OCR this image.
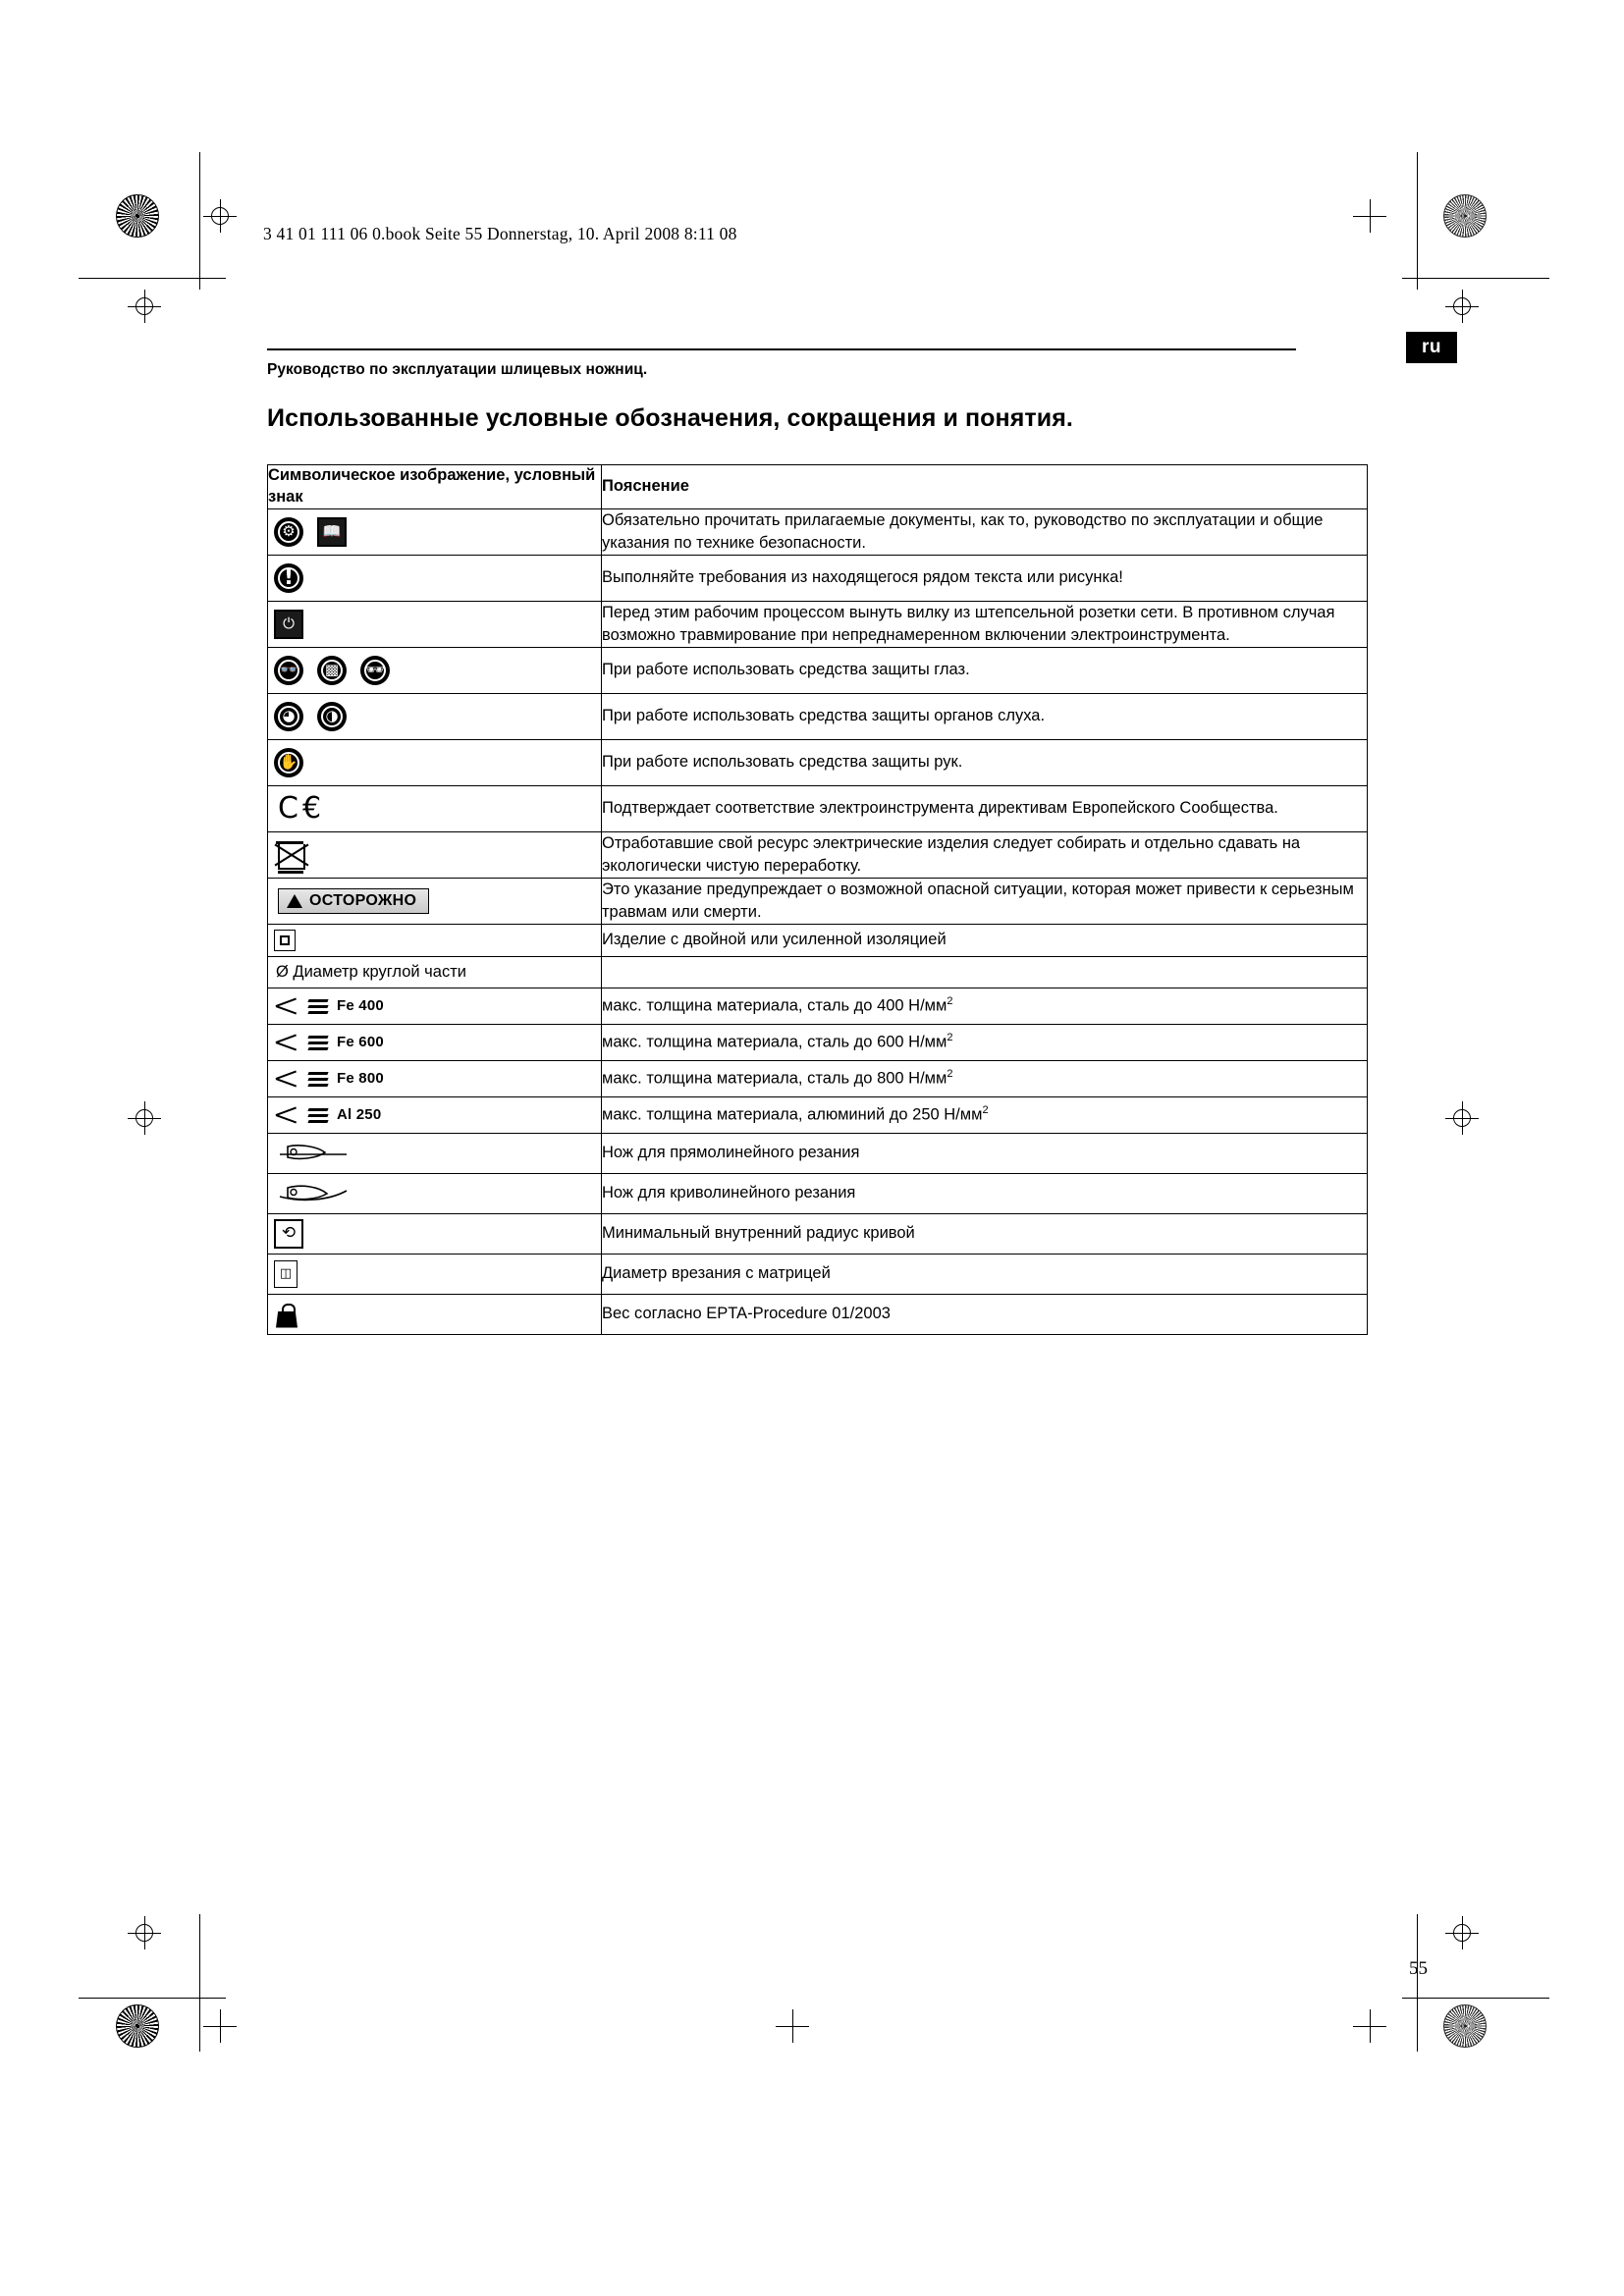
3 41 01 111 06 0.book Seite 55 Donnerstag, 10. April 2008 8:11 08
ru
Руководство по эксплуатации шлицевых ножниц.
Использованные условные обозначения, сокращения и понятия.
Символическое изображение, условный знак	Пояснение

⚙ 📖	Обязательно прочитать прилагаемые документы, как то, руководство по эксплуатации и общие указания по технике безопасности.

!	Выполняйте требования из находящегося рядом текста или рисунка!

⏻	Перед этим рабочим процессом вынуть вилку из штепсельной розетки сети. В противном случая возможно травмирование при непреднамеренном включении электроинструмента.

👓 ▩ 🕶	При работе использовать средства защиты глаз.

◕ ◑	При работе использовать средства защиты органов слуха.

✋	При работе использовать средства защиты рук.

C€	Подтверждает соответствие электроинструмента директивам Европейского Сообщества.

	Отработавшие свой ресурс электрические изделия следует собирать и отдельно сдавать на экологически чистую переработку.

ОСТОРОЖНО	Это указание предупреждает о возможной опасной ситуации, которая может привести к серьезным травмам или смерти.

	Изделие с двойной или усиленной изоляцией

Ø Диаметр круглой части	

Fe 400	макс. толщина материала, сталь до 400 $Н/мм^2$

Fe 600	макс. толщина материала, сталь до 600 $Н/мм^2$

Fe 800	макс. толщина материала, сталь до 800 $Н/мм^2$

Al 250	макс. толщина материала, алюминий до 250 $Н/мм^2$

	Нож для прямолинейного резания

	Нож для криволинейного резания

⟲	Минимальный внутренний радиус кривой

◫	Диаметр врезания с матрицей

	Вес согласно EPTA-Procedure 01/2003
55
